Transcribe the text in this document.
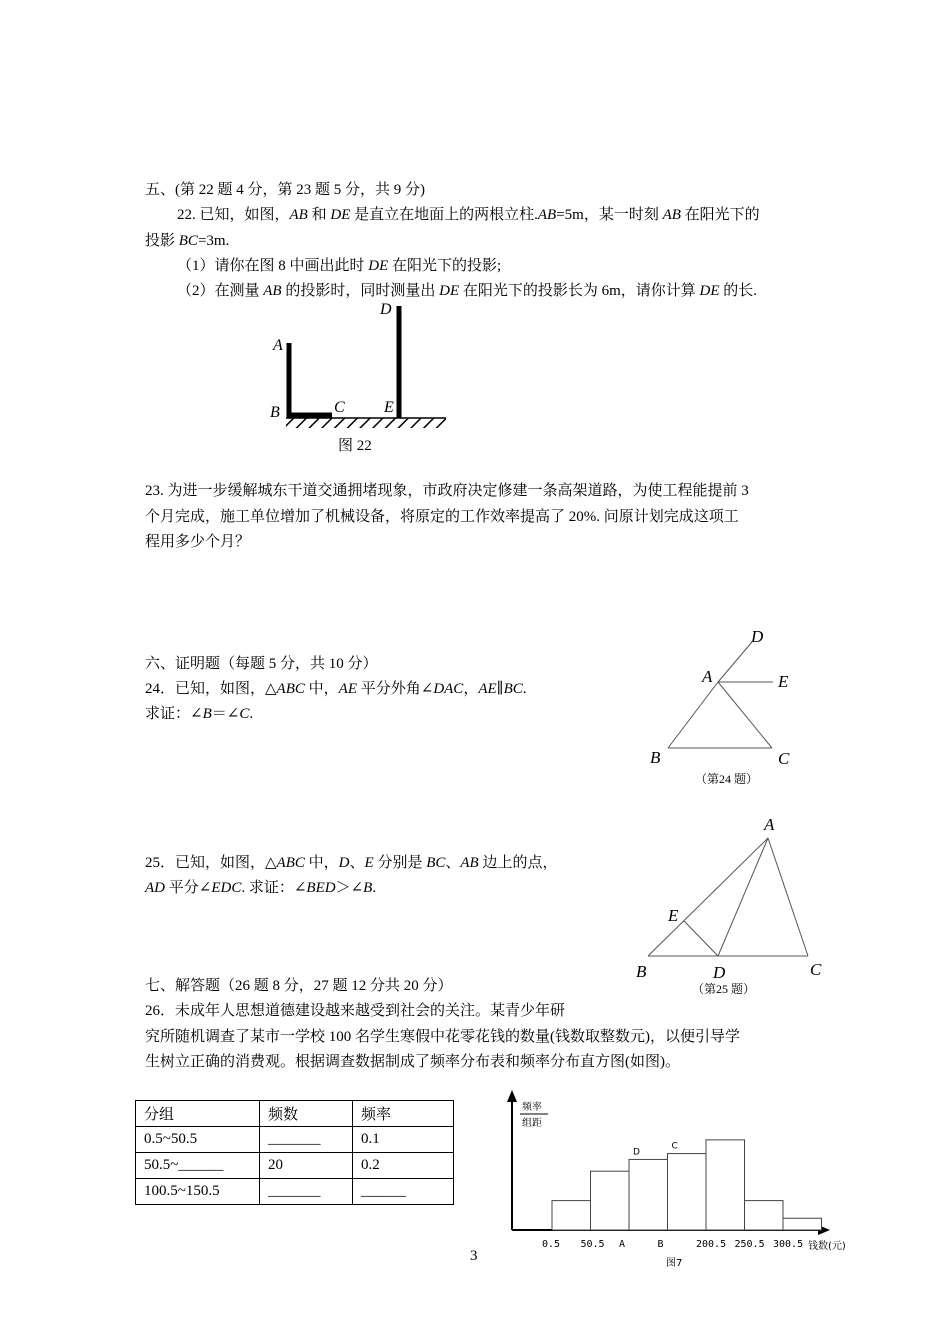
五、(第 22 题 4 分，第 23 题 5 分，共 9 分)
22. 已知，如图，AB 和 DE 是直立在地面上的两根立柱.AB=5m，某一时刻 AB 在阳光下的
投影 BC=3m.
（1）请你在图 8 中画出此时 DE 在阳光下的投影;
（2）在测量 AB 的投影时，同时测量出 DE 在阳光下的投影长为 6m，请你计算 DE 的长.
A
B	C
D
E
图 22
23. 为进一步缓解城东干道交通拥堵现象，市政府决定修建一条高架道路，为使工程能提前 3
个月完成，施工单位增加了机械设备，将原定的工作效率提高了 20%. 问原计划完成这项工
程用多少个月？
六、证明题（每题 5 分，共 10 分）
24．已知，如图，△ABC 中，AE 平分外角∠DAC，AE∥BC.
求证：∠B＝∠C.
A
B	C
D
E
（第24 题）
25．已知，如图，△ABC 中，D、E 分别是 BC、AB 边上的点，
AD 平分∠EDC. 求证：∠BED＞∠B.
A
B	C
D
E
（第25 题）
七、解答题（26 题 8 分，27 题 12 分共 20 分）
26．未成年人思想道德建设越来越受到社会的关注。某青少年研
究所随机调查了某市一学校 100 名学生寒假中花零花钱的数量(钱数取整数元)，以便引导学
生树立正确的消费观。根据调查数据制成了频率分布表和频率分布直方图(如图)。
分组	频数	频率
0.5~50.5	_______	0.1
50.5~______	20	0.2
100.5~150.5	_______	______
频率
组距
钱数(元)
图7
D
C
0.5 50.5 A	B	200.5 250.5 300.5
3
